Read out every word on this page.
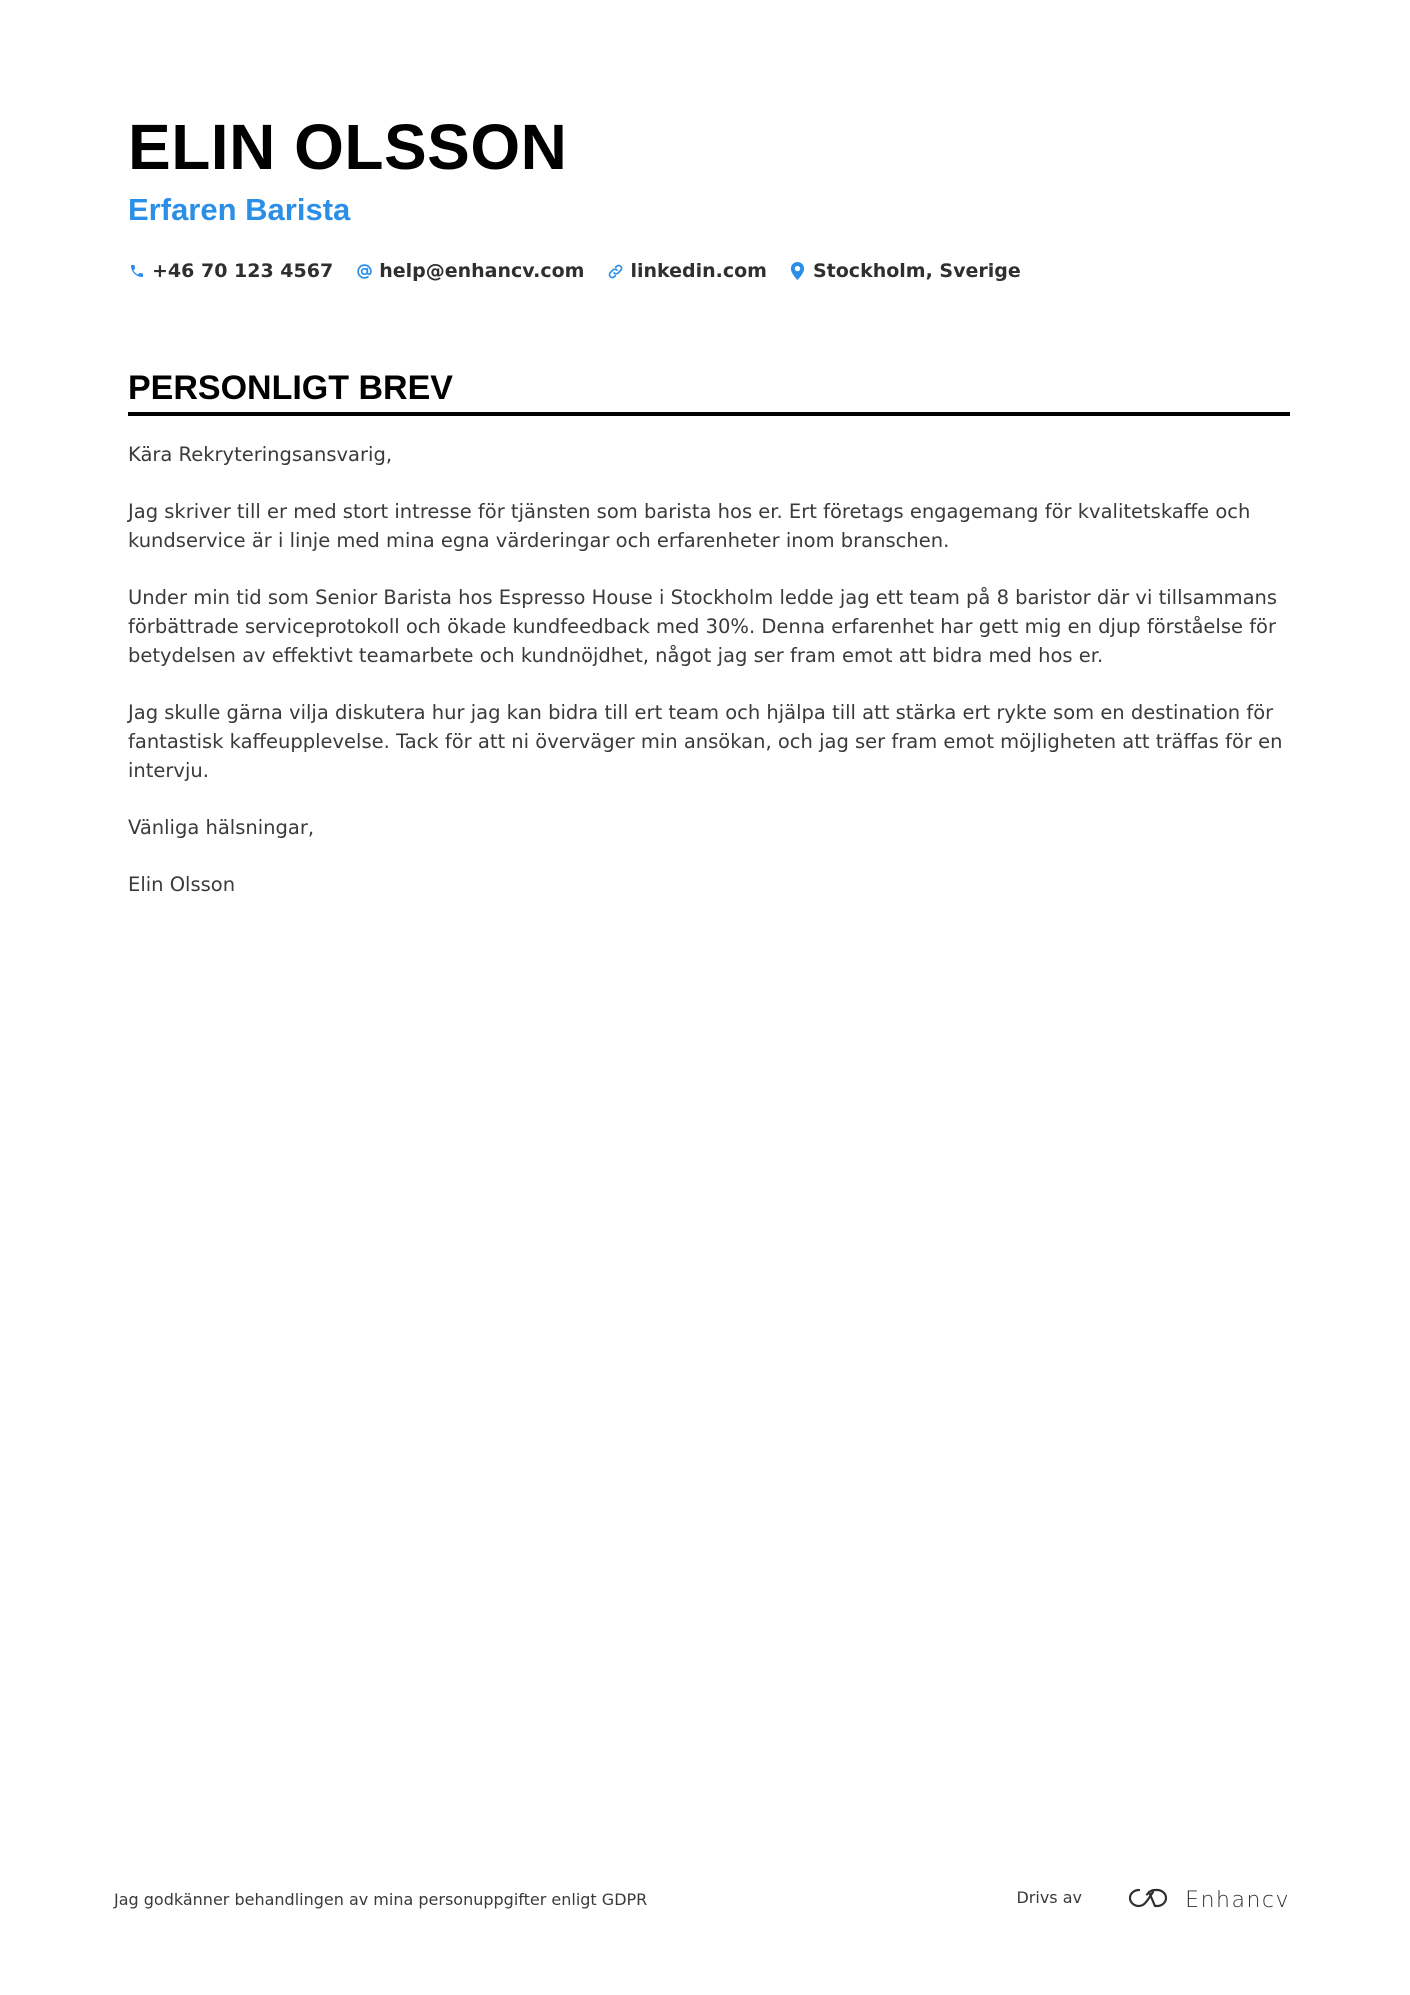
ELIN OLSSON
Erfaren Barista
+46 70 123 4567 help@enhancv.com linkedin.com Stockholm, Sverige
PERSONLIGT BREV

Kära Rekryteringsansvarig,

Jag skriver till er med stort intresse för tjänsten som barista hos er. Ert företags engagemang för kvalitetskaffe och kundservice är i linje med mina egna värderingar och erfarenheter inom branschen.

Under min tid som Senior Barista hos Espresso House i Stockholm ledde jag ett team på 8 baristor där vi tillsammans förbättrade serviceprotokoll och ökade kundfeedback med 30%. Denna erfarenhet har gett mig en djup förståelse för betydelsen av effektivt teamarbete och kundnöjdhet, något jag ser fram emot att bidra med hos er.

Jag skulle gärna vilja diskutera hur jag kan bidra till ert team och hjälpa till att stärka ert rykte som en destination för fantastisk kaffeupplevelse. Tack för att ni överväger min ansökan, och jag ser fram emot möjligheten att träffas för en intervju.

Vänliga hälsningar,

Elin Olsson

Jag godkänner behandlingen av mina personuppgifter enligt GDPR	Drivs av	Enhancv
